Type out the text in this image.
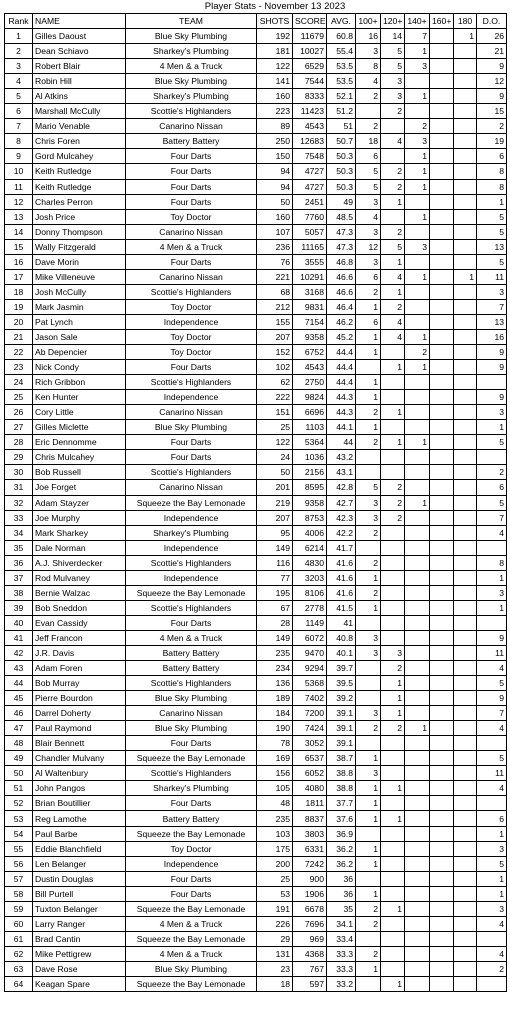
Player Stats - November 13 2023
Rank	NAME	TEAM	SHOTS	SCORE	AVG.	100+	120+	140+	160+	180	D.O.
1	Gilles Daoust	Blue Sky Plumbing	192	11679	60.8	16	14	7		1	26
2	Dean Schiavo	Sharkey's Plumbing	181	10027	55.4	3	5	1			21
3	Robert Blair	4 Men & a Truck	122	6529	53.5	8	5	3			9
4	Robin Hill	Blue Sky Plumbing	141	7544	53.5	4	3				12
5	Al Atkins	Sharkey's Plumbing	160	8333	52.1	2	3	1			9
6	Marshall McCully	Scottie's Highlanders	223	11423	51.2		2				15
7	Mario Venable	Canarino Nissan	89	4543	51	2		2			2
8	Chris Foren	Battery Battery	250	12683	50.7	18	4	3			19
9	Gord Mulcahey	Four Darts	150	7548	50.3	6		1			6
10	Keith Rutledge	Four Darts	94	4727	50.3	5	2	1			8
11	Keith Rutledge	Four Darts	94	4727	50.3	5	2	1			8
12	Charles Perron	Four Darts	50	2451	49	3	1				1
13	Josh Price	Toy Doctor	160	7760	48.5	4		1			5
14	Donny Thompson	Canarino Nissan	107	5057	47.3	3	2				5
15	Wally Fitzgerald	4 Men & a Truck	236	11165	47.3	12	5	3			13
16	Dave Morin	Four Darts	76	3555	46.8	3	1				5
17	Mike Villeneuve	Canarino Nissan	221	10291	46.6	6	4	1		1	11
18	Josh McCully	Scottie's Highlanders	68	3168	46.6	2	1				3
19	Mark Jasmin	Toy Doctor	212	9831	46.4	1	2				7
20	Pat Lynch	Independence	155	7154	46.2	6	4				13
21	Jason Sale	Toy Doctor	207	9358	45.2	1	4	1			16
22	Ab Depencier	Toy Doctor	152	6752	44.4	1		2			9
23	Nick Condy	Four Darts	102	4543	44.4		1	1			9
24	Rich Gribbon	Scottie's Highlanders	62	2750	44.4	1					
25	Ken Hunter	Independence	222	9824	44.3	1					9
26	Cory Little	Canarino Nissan	151	6696	44.3	2	1				3
27	Gilles Miclette	Blue Sky Plumbing	25	1103	44.1	1					1
28	Eric Dennomme	Four Darts	122	5364	44	2	1	1			5
29	Chris Mulcahey	Four Darts	24	1036	43.2						
30	Bob Russell	Scottie's Highlanders	50	2156	43.1						2
31	Joe Forget	Canarino Nissan	201	8595	42.8	5	2				6
32	Adam Stayzer	Squeeze the Bay Lemonade	219	9358	42.7	3	2	1			5
33	Joe Murphy	Independence	207	8753	42.3	3	2				7
34	Mark Sharkey	Sharkey's Plumbing	95	4006	42.2	2					4
35	Dale Norman	Independence	149	6214	41.7						
36	A.J. Shiverdecker	Scottie's Highlanders	116	4830	41.6	2					8
37	Rod Mulvaney	Independence	77	3203	41.6	1					1
38	Bernie Walzac	Squeeze the Bay Lemonade	195	8106	41.6	2					3
39	Bob Sneddon	Scottie's Highlanders	67	2778	41.5	1					1
40	Evan Cassidy	Four Darts	28	1149	41						
41	Jeff Francon	4 Men & a Truck	149	6072	40.8	3					9
42	J.R. Davis	Battery Battery	235	9470	40.1	3	3				11
43	Adam Foren	Battery Battery	234	9294	39.7		2				4
44	Bob Murray	Scottie's Highlanders	136	5368	39.5		1				5
45	Pierre Bourdon	Blue Sky Plumbing	189	7402	39.2		1				9
46	Darrel Doherty	Canarino Nissan	184	7200	39.1	3	1				7
47	Paul Raymond	Blue Sky Plumbing	190	7424	39.1	2	2	1			4
48	Blair Bennett	Four Darts	78	3052	39.1						
49	Chandler Mulvany	Squeeze the Bay Lemonade	169	6537	38.7	1					5
50	Al Waltenbury	Scottie's Highlanders	156	6052	38.8	3					11
51	John Pangos	Sharkey's Plumbing	105	4080	38.8	1	1				4
52	Brian Boutillier	Four Darts	48	1811	37.7	1					
53	Reg Lamothe	Battery Battery	235	8837	37.6	1	1				6
54	Paul Barbe	Squeeze the Bay Lemonade	103	3803	36.9						1
55	Eddie Blanchfield	Toy Doctor	175	6331	36.2	1					3
56	Len Belanger	Independence	200	7242	36.2	1					5
57	Dustin Douglas	Four Darts	25	900	36						1
58	Bill Purtell	Four Darts	53	1906	36	1					1
59	Tuxton Belanger	Squeeze the Bay Lemonade	191	6678	35	2	1				3
60	Larry Ranger	4 Men & a Truck	226	7696	34.1	2					4
61	Brad Cantin	Squeeze the Bay Lemonade	29	969	33.4						
62	Mike Pettigrew	4 Men & a Truck	131	4368	33.3	2					4
63	Dave Rose	Blue Sky Plumbing	23	767	33.3	1					2
64	Keagan Spare	Squeeze the Bay Lemonade	18	597	33.2		1				
